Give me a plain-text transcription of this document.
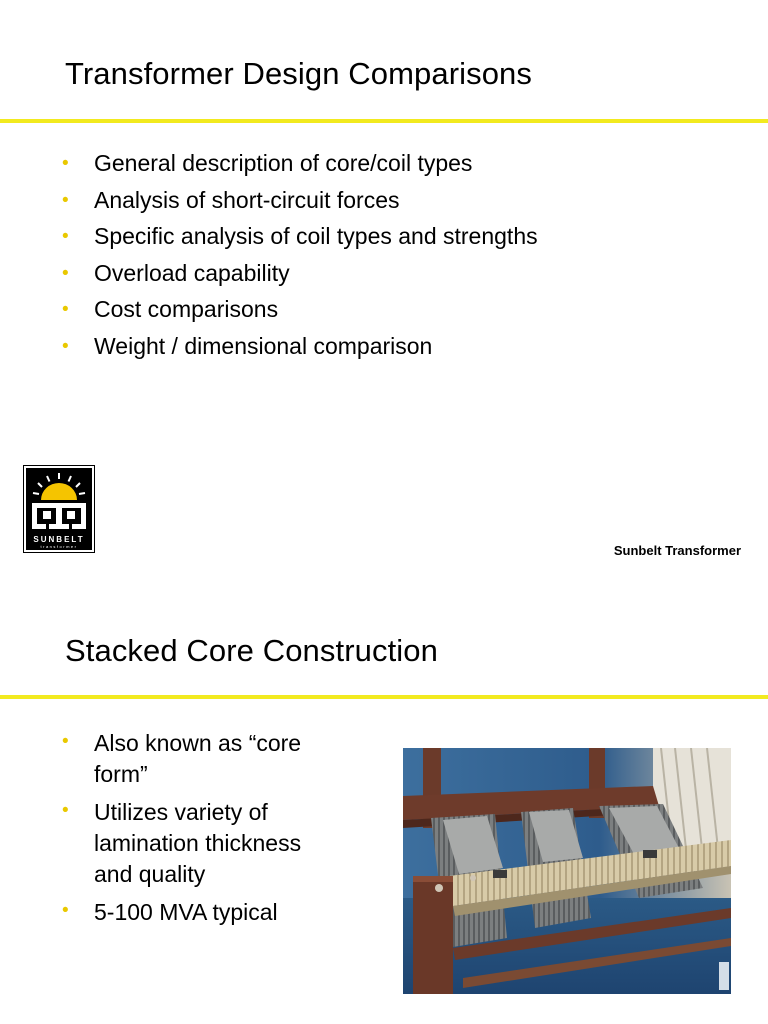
Transformer Design Comparisons
• General description of core/coil types
• Analysis of short-circuit forces
• Specific analysis of coil types and strengths
• Overload capability
• Cost comparisons
• Weight / dimensional comparison
SUNBELT
transformer	Sunbelt Transformer
Stacked Core Construction
• Also known as “core form”
• Utilizes variety of lamination thickness and quality
• 5-100 MVA typical
